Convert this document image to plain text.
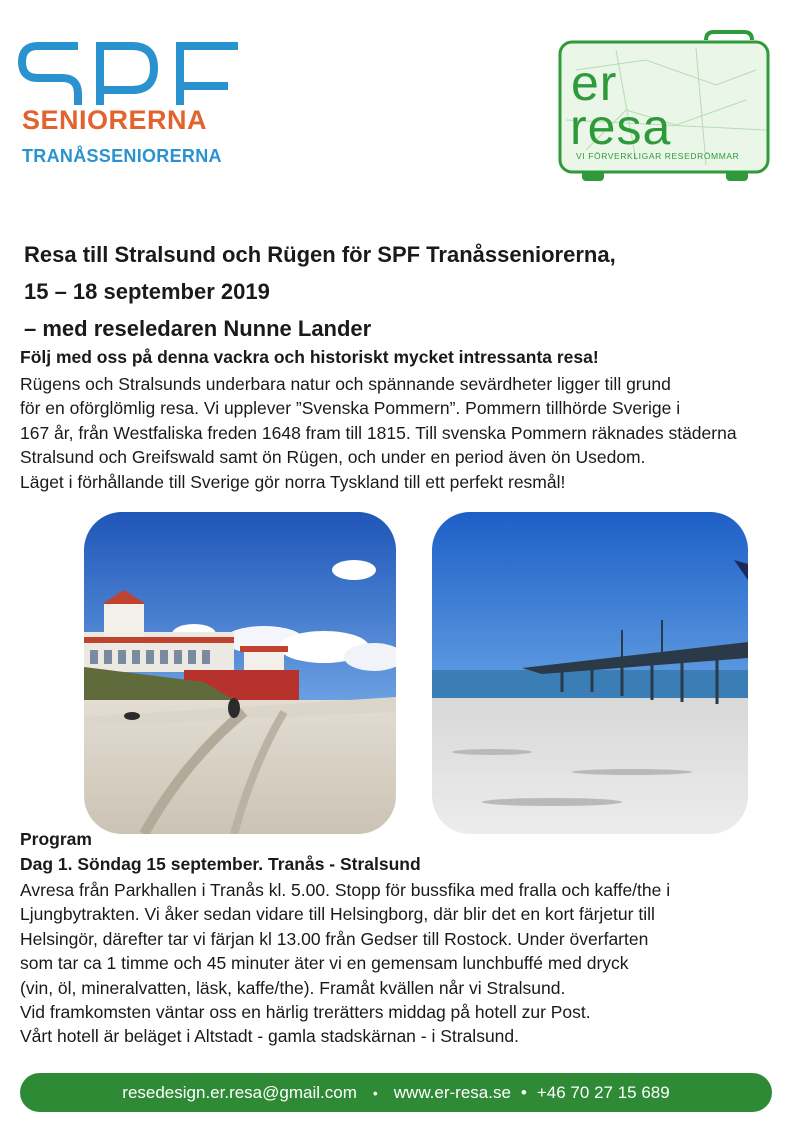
SENIORERNA
TRANÅSSENIORERNA
er
resa
VI FÖRVERKLIGAR RESEDRÖMMAR
Resa till Stralsund och Rügen för SPF Tranåsseniorerna,
15 – 18 september 2019
– med reseledaren Nunne Lander
Följ med oss på denna vackra och historiskt mycket intressanta resa!

Rügens och Stralsunds underbara natur och spännande sevärdheter ligger till grund

för en oförglömlig resa. Vi upplever ”Svenska Pommern”. Pommern tillhörde Sverige i

167 år, från Westfaliska freden 1648 fram till 1815. Till svenska Pommern räknades städerna

Stralsund och Greifswald samt ön Rügen, och under en period även ön Usedom.

Läget i förhållande till Sverige gör norra Tyskland till ett perfekt resmål!

Program
Dag 1. Söndag 15 september. Tranås - Stralsund

Avresa från Parkhallen i Tranås kl. 5.00. Stopp för bussfika med fralla och kaffe/the i

Ljungbytrakten. Vi åker sedan vidare till Helsingborg, där blir det en kort färjetur till

Helsingör, därefter tar vi färjan kl 13.00 från Gedser till Rostock. Under överfarten

som tar ca 1 timme och 45 minuter äter vi en gemensam lunchbuffé med dryck

(vin, öl, mineralvatten, läsk, kaffe/the). Framåt kvällen når vi Stralsund.

Vid framkomsten väntar oss en härlig trerätters middag på hotell zur Post.

Vårt hotell är beläget i Altstadt - gamla stadskärnan - i Stralsund.

resedesign.er.resa@gmail.com	• www.er-resa.se • +46 70 27 15 689
